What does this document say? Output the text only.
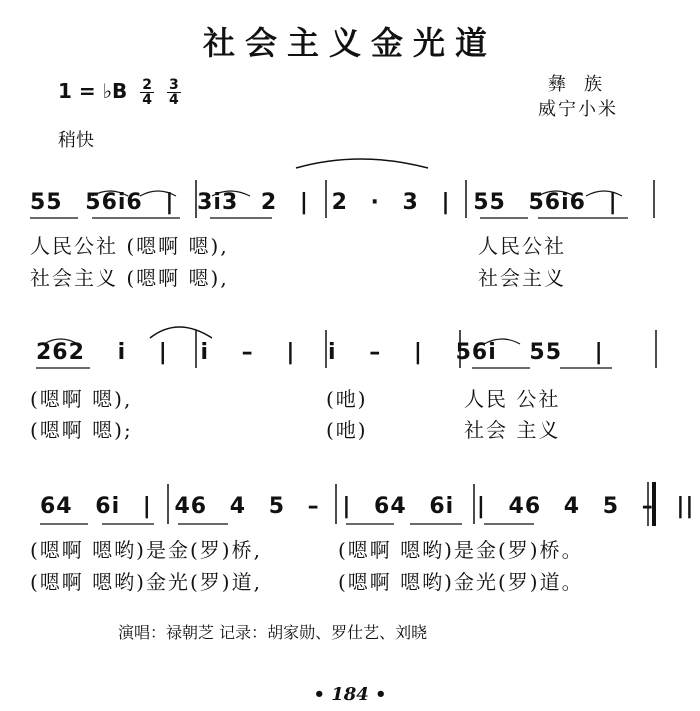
社会主义金光道
1 = ♭B $\frac{2}{4} \frac{3}{4}$	彝族
威宁小米
稍快
55 56i6 | 3i3 2 | 2 · 3 | 55 56i6 |
人民公社 (嗯啊 嗯),	人民公社
社会主义 (嗯啊 嗯),	社会主义
262 i | i – | i – | 56i 55 |
(嗯啊 嗯),	(吔)	人民 公社
(嗯啊 嗯);	(吔)	社会 主义
64 6i | 46 4 5 – | 64 6i | 46 4 5 – ||
(嗯啊 嗯哟)是金(罗)桥,	(嗯啊 嗯哟)是金(罗)桥。
(嗯啊 嗯哟)金光(罗)道,	(嗯啊 嗯哟)金光(罗)道。
演唱：禄朝芝 记录：胡家勋、罗仕艺、刘晓
• 184 •
